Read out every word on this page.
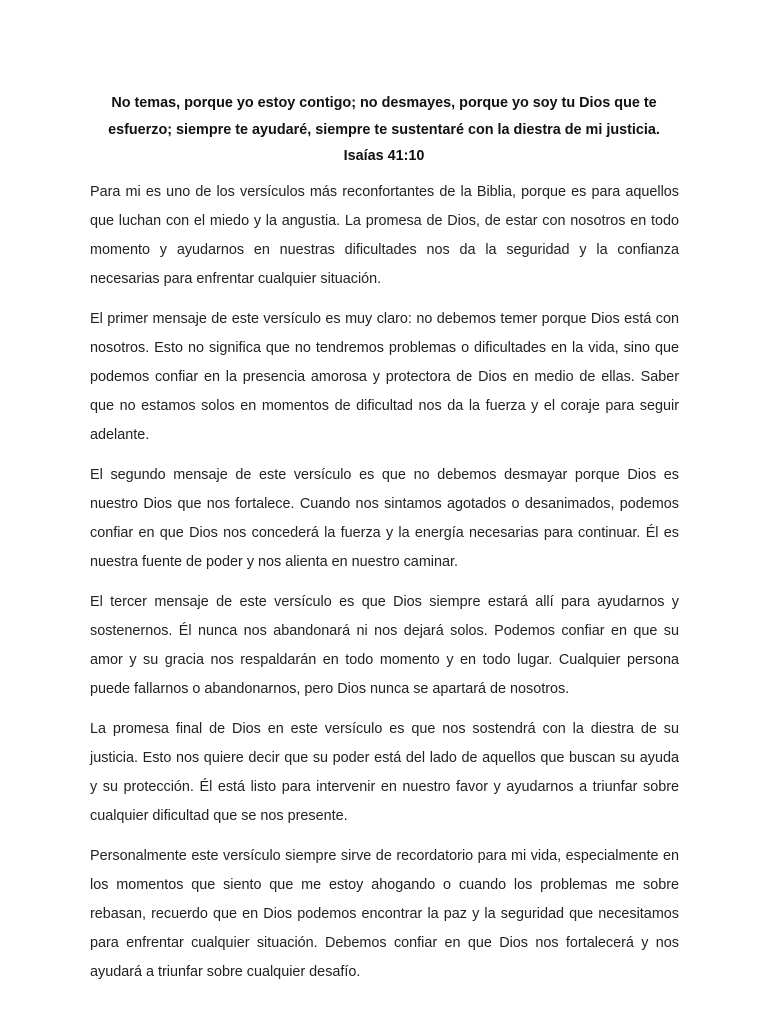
No temas, porque yo estoy contigo; no desmayes, porque yo soy tu Dios que te esfuerzo; siempre te ayudaré, siempre te sustentaré con la diestra de mi justicia.
Isaías 41:10

Para mi es uno de los versículos más reconfortantes de la Biblia, porque es para aquellos que luchan con el miedo y la angustia. La promesa de Dios, de estar con nosotros en todo momento y ayudarnos en nuestras dificultades nos da la seguridad y la confianza necesarias para enfrentar cualquier situación.

El primer mensaje de este versículo es muy claro: no debemos temer porque Dios está con nosotros. Esto no significa que no tendremos problemas o dificultades en la vida, sino que podemos confiar en la presencia amorosa y protectora de Dios en medio de ellas. Saber que no estamos solos en momentos de dificultad nos da la fuerza y el coraje para seguir adelante.

El segundo mensaje de este versículo es que no debemos desmayar porque Dios es nuestro Dios que nos fortalece. Cuando nos sintamos agotados o desanimados, podemos confiar en que Dios nos concederá la fuerza y la energía necesarias para continuar. Él es nuestra fuente de poder y nos alienta en nuestro caminar.

El tercer mensaje de este versículo es que Dios siempre estará allí para ayudarnos y sostenernos. Él nunca nos abandonará ni nos dejará solos. Podemos confiar en que su amor y su gracia nos respaldarán en todo momento y en todo lugar. Cualquier persona puede fallarnos o abandonarnos, pero Dios nunca se apartará de nosotros.

La promesa final de Dios en este versículo es que nos sostendrá con la diestra de su justicia. Esto nos quiere decir que su poder está del lado de aquellos que buscan su ayuda y su protección. Él está listo para intervenir en nuestro favor y ayudarnos a triunfar sobre cualquier dificultad que se nos presente.

Personalmente este versículo siempre sirve de recordatorio para mi vida, especialmente en los momentos que siento que me estoy ahogando o cuando los problemas me sobre rebasan, recuerdo que en Dios podemos encontrar la paz y la seguridad que necesitamos para enfrentar cualquier situación. Debemos confiar en que Dios nos fortalecerá y nos ayudará a triunfar sobre cualquier desafío.
